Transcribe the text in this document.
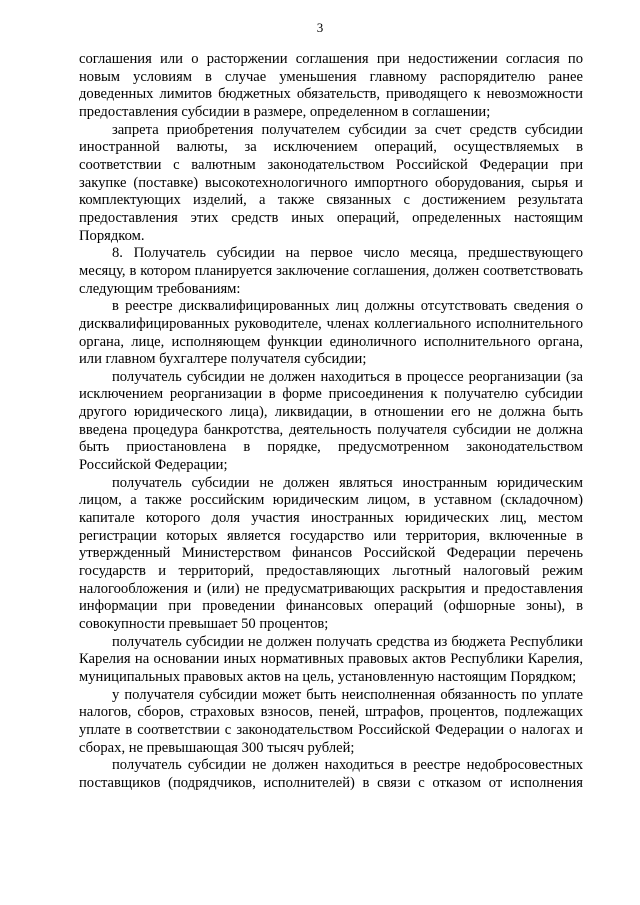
3

соглашения или о расторжении соглашения при недостижении согласия по новым условиям в случае уменьшения главному распорядителю ранее доведенных лимитов бюджетных обязательств, приводящего к невозможности предоставления субсидии в размере, определенном в соглашении;

запрета приобретения получателем субсидии за счет средств субсидии иностранной валюты, за исключением операций, осуществляемых в соответствии с валютным законодательством Российской Федерации при закупке (поставке) высокотехнологичного импортного оборудования, сырья и комплектующих изделий, а также связанных с достижением результата предоставления этих средств иных операций, определенных настоящим Порядком.

8. Получатель субсидии на первое число месяца, предшествующего месяцу, в котором планируется заключение соглашения, должен соответствовать следующим требованиям:

в реестре дисквалифицированных лиц должны отсутствовать сведения о дисквалифицированных руководителе, членах коллегиального исполнительного органа, лице, исполняющем функции единоличного исполнительного органа, или главном бухгалтере получателя субсидии;

получатель субсидии не должен находиться в процессе реорганизации (за исключением реорганизации в форме присоединения к получателю субсидии другого юридического лица), ликвидации, в отношении его не должна быть введена процедура банкротства, деятельность получателя субсидии не должна быть приостановлена в порядке, предусмотренном законодательством Российской Федерации;

получатель субсидии не должен являться иностранным юридическим лицом, а также российским юридическим лицом, в уставном (складочном) капитале которого доля участия иностранных юридических лиц, местом регистрации которых является государство или территория, включенные в утвержденный Министерством финансов Российской Федерации перечень государств и территорий, предоставляющих льготный налоговый режим налогообложения и (или) не предусматривающих раскрытия и предоставления информации при проведении финансовых операций (офшорные зоны), в совокупности превышает 50 процентов;

получатель субсидии не должен получать средства из бюджета Республики Карелия на основании иных нормативных правовых актов Республики Карелия, муниципальных правовых актов на цель, установленную настоящим Порядком;

у получателя субсидии может быть неисполненная обязанность по уплате налогов, сборов, страховых взносов, пеней, штрафов, процентов, подлежащих уплате в соответствии с законодательством Российской Федерации о налогах и сборах, не превышающая 300 тысяч рублей;

получатель субсидии не должен находиться в реестре недобросовестных поставщиков (подрядчиков, исполнителей) в связи с отказом от исполнения
